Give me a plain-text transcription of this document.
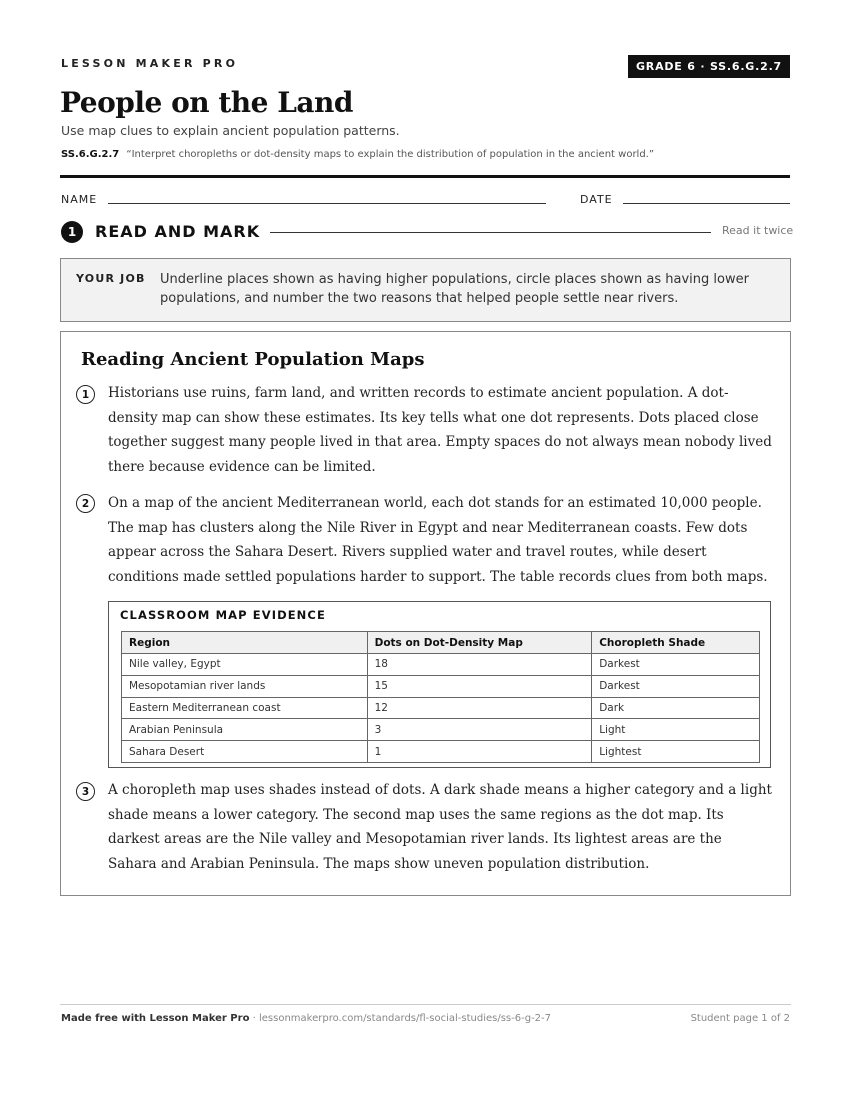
LESSON MAKER PRO	GRADE 6 · SS.6.G.2.7
People on the Land
Use map clues to explain ancient population patterns.
SS.6.G.2.7 “Interpret choropleths or dot-density maps to explain the distribution of population in the ancient world.”
NAME	DATE
1	READ AND MARK	Read it twice
YOUR JOB Underline places shown as having higher populations, circle places shown as having lower populations, and number the two reasons that helped people settle near rivers.
Reading Ancient Population Maps
1	Historians use ruins, farm land, and written records to estimate ancient population. A dot-density map can show these estimates. Its key tells what one dot represents. Dots placed close together suggest many people lived in that area. Empty spaces do not always mean nobody lived there because evidence can be limited.

2	On a map of the ancient Mediterranean world, each dot stands for an estimated 10,000 people. The map has clusters along the Nile River in Egypt and near Mediterranean coasts. Few dots appear across the Sahara Desert. Rivers supplied water and travel routes, while desert conditions made settled populations harder to support. The table records clues from both maps.

CLASSROOM MAP EVIDENCE
Region	Dots on Dot-Density Map	Choropleth Shade
Nile valley, Egypt	18	Darkest
Mesopotamian river lands	15	Darkest
Eastern Mediterranean coast	12	Dark
Arabian Peninsula	3	Light
Sahara Desert	1	Lightest
3	A choropleth map uses shades instead of dots. A dark shade means a higher category and a light shade means a lower category. The second map uses the same regions as the dot map. Its darkest areas are the Nile valley and Mesopotamian river lands. Its lightest areas are the Sahara and Arabian Peninsula. The maps show uneven population distribution.

Made free with Lesson Maker Pro · lessonmakerpro.com/standards/fl-social-studies/ss-6-g-2-7	Student page 1 of 2
